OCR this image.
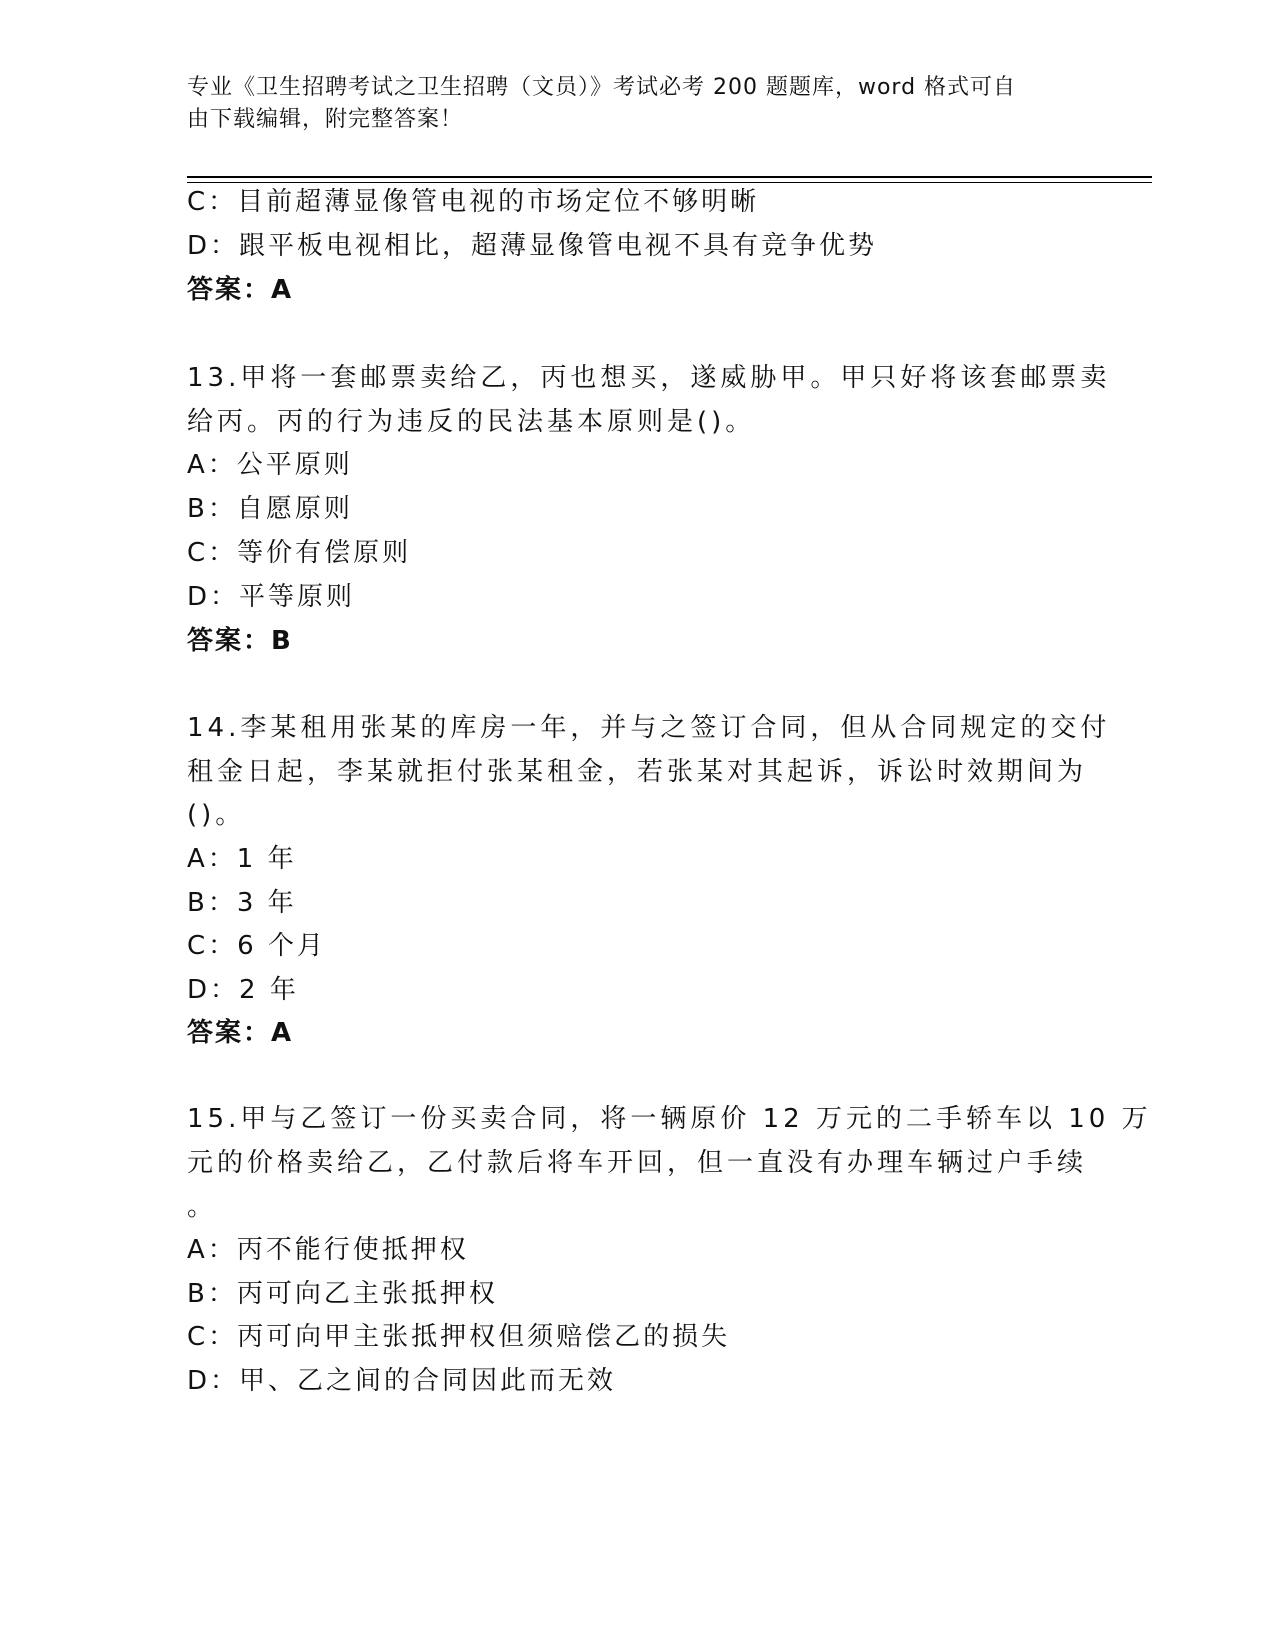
专业《卫生招聘考试之卫生招聘（文员）》考试必考 200 题题库，word 格式可自
由下载编辑，附完整答案！
C：目前超薄显像管电视的市场定位不够明晰
D：跟平板电视相比，超薄显像管电视不具有竞争优势
答案：A
13.甲将一套邮票卖给乙，丙也想买，遂威胁甲。甲只好将该套邮票卖
给丙。丙的行为违反的民法基本原则是()。
A：公平原则
B：自愿原则
C：等价有偿原则
D：平等原则
答案：B
14.李某租用张某的库房一年，并与之签订合同，但从合同规定的交付
租金日起，李某就拒付张某租金，若张某对其起诉，诉讼时效期间为
()。
A：1 年
B：3 年
C：6 个月
D：2 年
答案：A
15.甲与乙签订一份买卖合同，将一辆原价 12 万元的二手轿车以 10 万
元的价格卖给乙，乙付款后将车开回，但一直没有办理车辆过户手续
。
A：丙不能行使抵押权
B：丙可向乙主张抵押权
C：丙可向甲主张抵押权但须赔偿乙的损失
D：甲、乙之间的合同因此而无效
